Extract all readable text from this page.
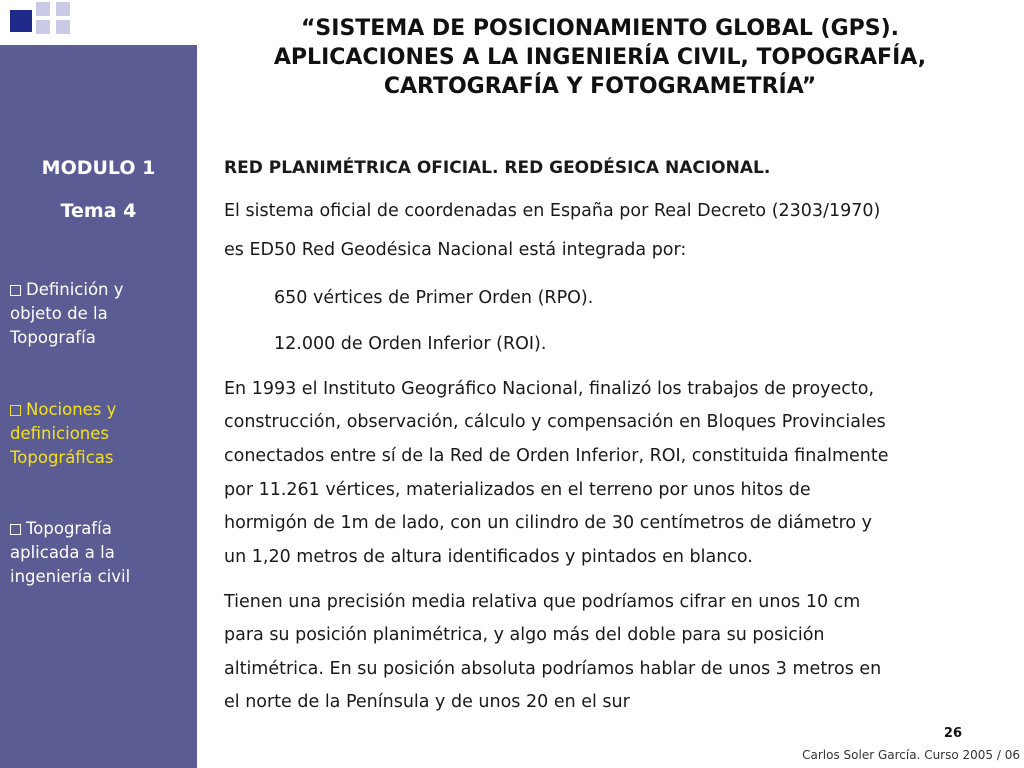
“SISTEMA DE POSICIONAMIENTO GLOBAL (GPS).
APLICACIONES A LA INGENIERÍA CIVIL, TOPOGRAFÍA,
CARTOGRAFÍA Y FOTOGRAMETRÍA”
MODULO 1
Tema 4
Definición y
objeto de la
Topografía
Nociones y
definiciones
Topográficas
Topografía
aplicada a la
ingeniería civil
RED PLANIMÉTRICA OFICIAL. RED GEODÉSICA NACIONAL.
El sistema oficial de coordenadas en España por Real Decreto (2303/1970)
es ED50 Red Geodésica Nacional está integrada por:
650 vértices de Primer Orden (RPO).
12.000 de Orden Inferior (ROI).
En 1993 el Instituto Geográfico Nacional, finalizó los trabajos de proyecto,
construcción, observación, cálculo y compensación en Bloques Provinciales
conectados entre sí de la Red de Orden Inferior, ROI, constituida finalmente
por 11.261 vértices, materializados en el terreno por unos hitos de
hormigón de 1m de lado, con un cilindro de 30 centímetros de diámetro y
un 1,20 metros de altura identificados y pintados en blanco.
Tienen una precisión media relativa que podríamos cifrar en unos 10 cm
para su posición planimétrica, y algo más del doble para su posición
altimétrica. En su posición absoluta podríamos hablar de unos 3 metros en
el norte de la Península y de unos 20 en el sur
26
Carlos Soler García. Curso 2005 / 06
